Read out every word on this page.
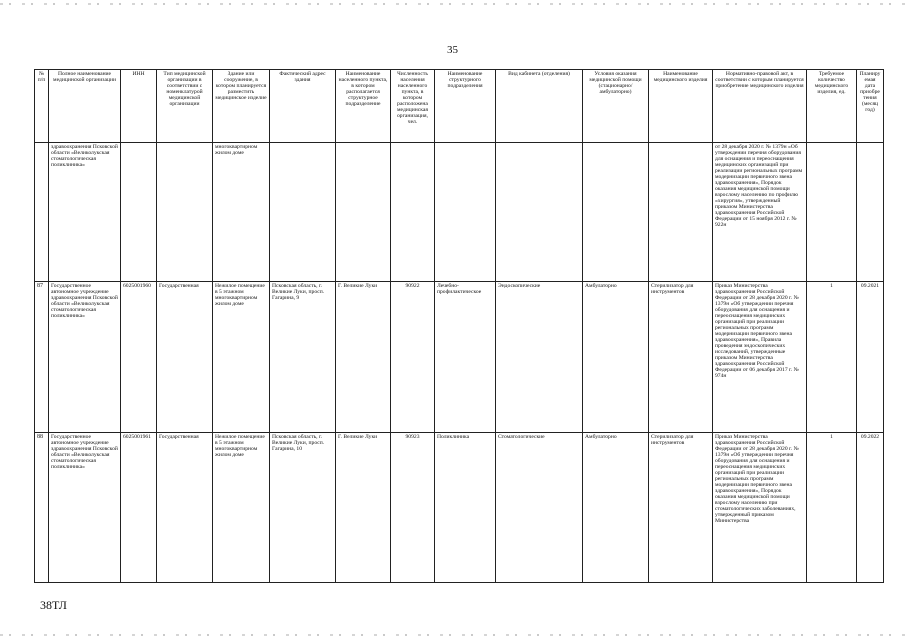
35
№ п/п	Полное наименование медицинской организации	ИНН	Тип медицинской организации в соответствии с номенклатурой медицинской организации	Здание или сооружение, в котором планируется разместить медицинское изделие	Фактический адрес здания	Наименование населенного пункта, в котором располагается структурное подразделение	Численность населения населенного пункта, в котором расположена медицинская организация, чел.	Наименование структурного подразделения	Вид кабинета (отделения)	Условия оказания медицинской помощи (стационарно/амбулаторно)	Наименование медицинского изделия	Нормативно-правовой акт, в соответствии с которым планируется приобретение медицинского изделия	Требуемое количество медицинского изделия, ед.	Планируемая дата приобретения (месяц год)
	здравоохранения Псковской области «Великолукская стоматологическая поликлиника»			многоквартирном жилом доме								от 28 декабря 2020 г. № 1379н «Об утверждении перечня оборудования для оснащения и переоснащения медицинских организаций при реализации региональных программ модернизации первичного звена здравоохранения», Порядок оказания медицинской помощи взрослому населению по профилю «хирургия», утвержденный приказом Министерства здравоохранения Российской Федерации от 15 ноября 2012 г. № 922н		
87	Государственное автономное учреждение здравоохранения Псковской области «Великолукская стоматологическая поликлиника»	6025001960	Государственная	Нежилое помещение в 5 этажном многоквартирном жилом доме	Псковская область, г. Великие Луки, просп. Гагарина, 9	Г. Великие Луки	90922	Лечебно-профилактическое	Эндоскопические	Амбулаторно	Стерилизатор для инструментов	Приказ Министерства здравоохранения Российской Федерации от 28 декабря 2020 г. № 1379н «Об утверждении перечня оборудования для оснащения и переоснащения медицинских организаций при реализации региональных программ модернизации первичного звена здравоохранения», Правила проведения эндоскопических исследований, утвержденные приказом Министерства здравоохранения Российской Федерации от 06 декабря 2017 г. № 974н	1	09.2021
88	Государственное автономное учреждение здравоохранения Псковской области «Великолукская стоматологическая поликлиника»	6025001961	Государственная	Нежилое помещение в 5 этажном многоквартирном жилом доме	Псковская область, г. Великие Луки, просп. Гагарина, 10	Г. Великие Луки	90923	Поликлиника	Стоматологические	Амбулаторно	Стерилизатор для инструментов	Приказ Министерства здравоохранения Российской Федерации от 28 декабря 2020 г. № 1379н «Об утверждении перечня оборудования для оснащения и переоснащения медицинских организаций при реализации региональных программ модернизации первичного звена здравоохранения», Порядок оказания медицинской помощи взрослому населению при стоматологических заболеваниях, утвержденный приказом Министерства	1	09.2022
38ТЛ
